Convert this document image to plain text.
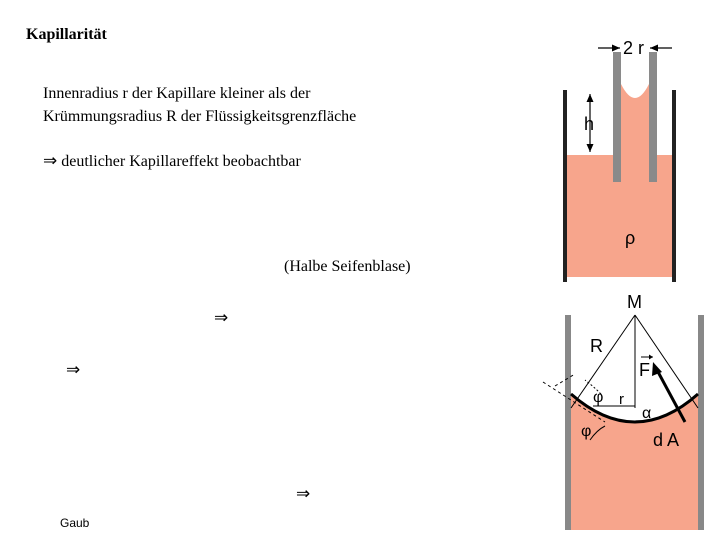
Kapillarität
Innenradius r der Kapillare kleiner als der
Krümmungsradius R der Flüssigkeitsgrenzfläche
⇒ deutlicher Kapillareffekt beobachtbar
(Halbe Seifenblase)
⇒
⇒
⇒
Gaub
2 r
h
ρ
M
R
F
φ r
α
φ	d A
